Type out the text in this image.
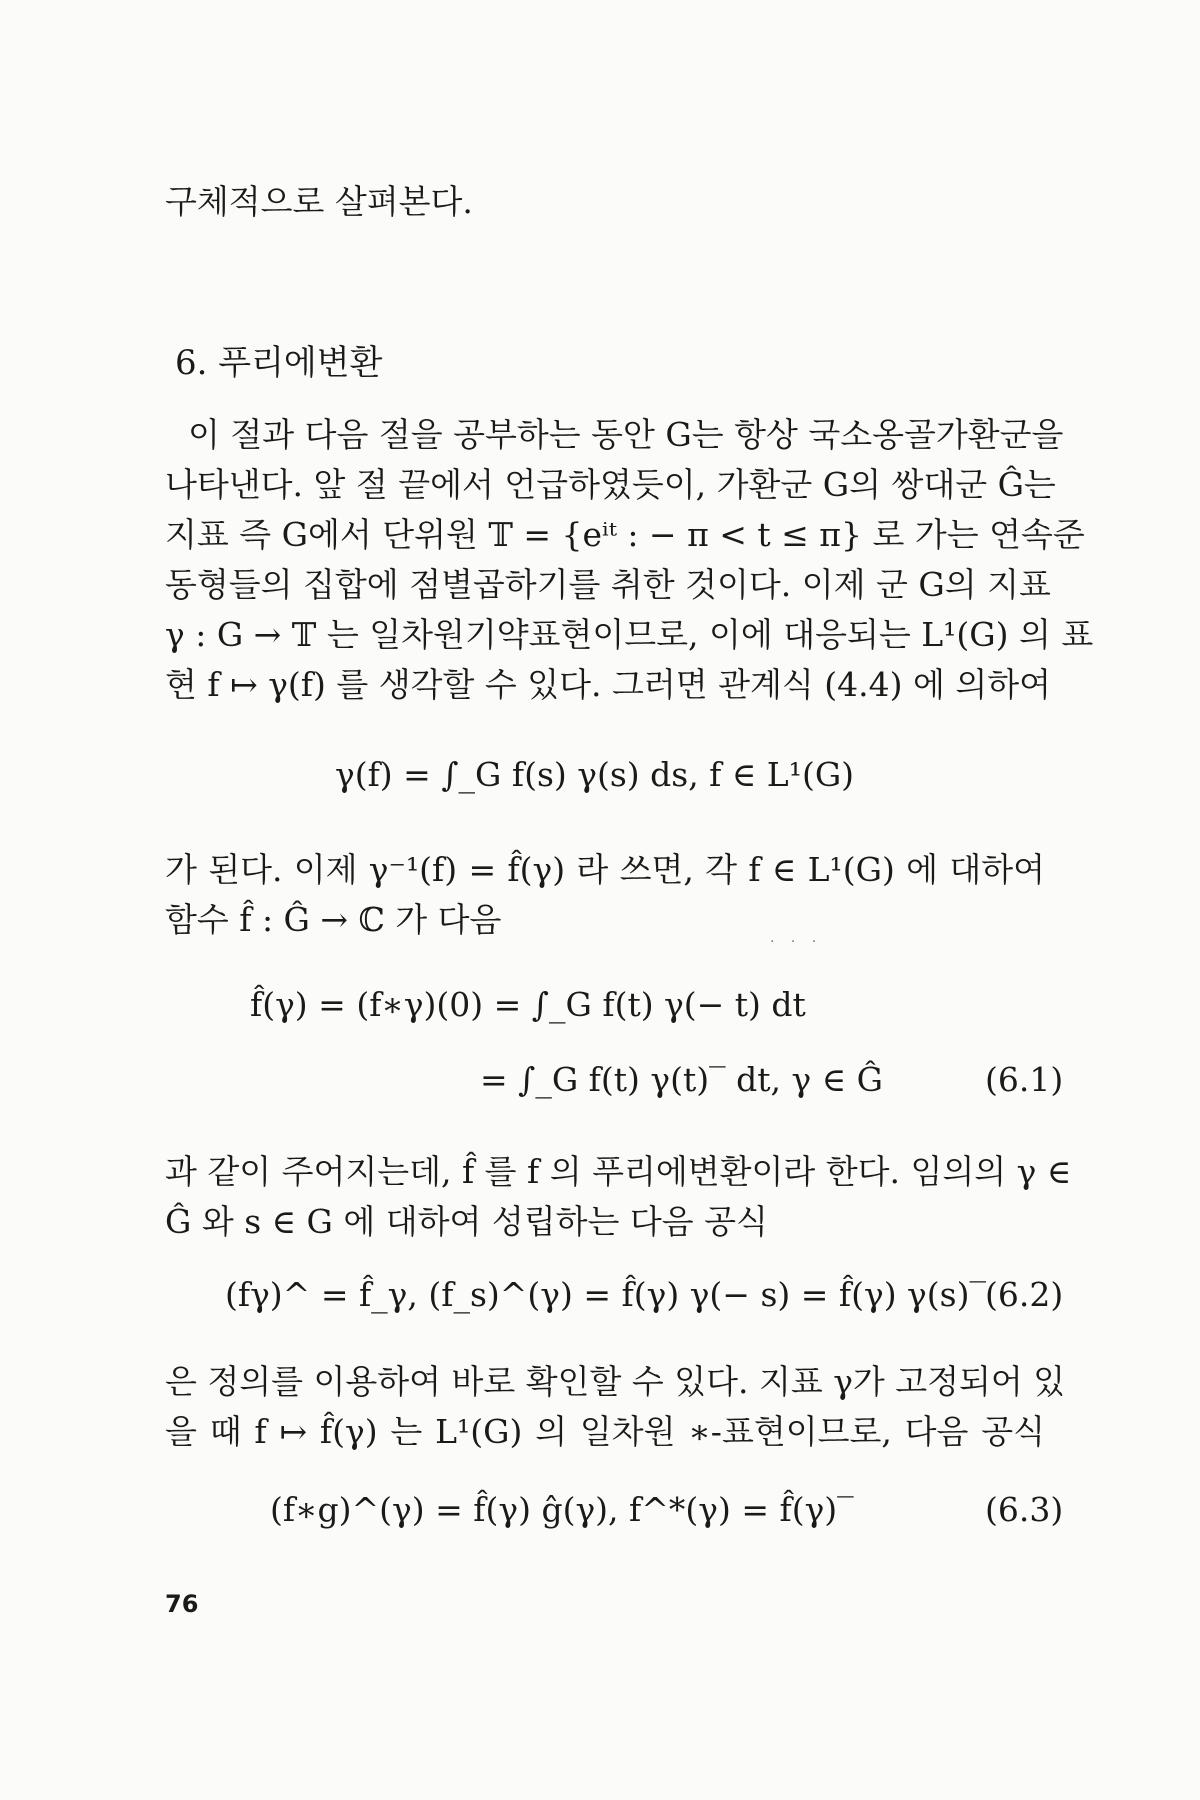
구체적으로 살펴본다.
6. 푸리에변환
이 절과 다음 절을 공부하는 동안 G는 항상 국소옹골가환군을
나타낸다. 앞 절 끝에서 언급하였듯이, 가환군 G의 쌍대군 Ĝ는
지표 즉 G에서 단위원 𝕋 = {eⁱᵗ : − π < t ≤ π} 로 가는 연속준
동형들의 집합에 점별곱하기를 취한 것이다. 이제 군 G의 지표
γ : G → 𝕋 는 일차원기약표현이므로, 이에 대응되는 L¹(G) 의 표
현 f ↦ γ(f) 를 생각할 수 있다. 그러면 관계식 (4.4) 에 의하여
γ(f) = ∫_G f(s) γ(s) ds, f ∈ L¹(G)
가 된다. 이제 γ⁻¹(f) = f̂(γ) 라 쓰면, 각 f ∈ L¹(G) 에 대하여
함수 f̂ : Ĝ → ℂ 가 다음	. . .
f̂(γ) = (f∗γ)(0) = ∫_G f(t) γ(− t) dt
= ∫_G f(t) γ(t)‾ dt, γ ∈ Ĝ	(6.1)
과 같이 주어지는데, f̂ 를 f 의 푸리에변환이라 한다. 임의의 γ ∈
Ĝ 와 s ∈ G 에 대하여 성립하는 다음 공식
(fγ)^ = f̂_γ, (f_s)^(γ) = f̂(γ) γ(− s) = f̂(γ) γ(s)‾ (6.2)
은 정의를 이용하여 바로 확인할 수 있다. 지표 γ가 고정되어 있
을 때 f ↦ f̂(γ) 는 L¹(G) 의 일차원 ∗-표현이므로, 다음 공식
(f∗g)^(γ) = f̂(γ) ĝ(γ), f^*(γ) = f̂(γ)‾	(6.3)
76
